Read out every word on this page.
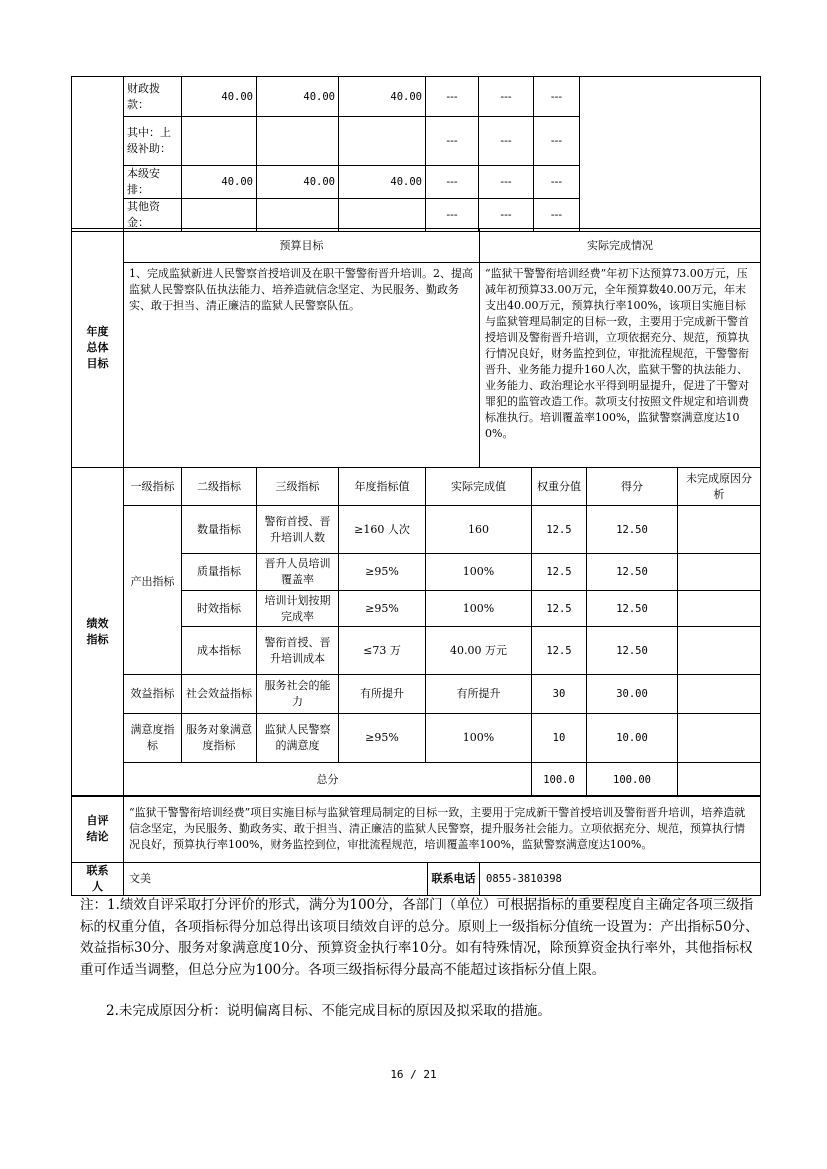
	财政拨款：	40.00	40.00	40.00	---	---	---	
	其中：上级补助：				---	---	---	
	本级安排：	40.00	40.00	40.00	---	---	---	
	其他资金：				---	---	---	
年度总体目标	预算目标	实际完成情况
	1、完成监狱新进人民警察首授培训及在职干警警衔晋升培训。2、提高监狱人民警察队伍执法能力、培养造就信念坚定、为民服务、勤政务实、敢于担当、清正廉洁的监狱人民警察队伍。	“监狱干警警衔培训经费”年初下达预算73.00万元，压减年初预算33.00万元，全年预算数40.00万元，年末支出40.00万元，预算执行率100%，该项目实施目标与监狱管理局制定的目标一致，主要用于完成新干警首授培训及警衔晋升培训，立项依据充分、规范，预算执行情况良好，财务监控到位，审批流程规范，干警警衔晋升、业务能力提升160人次，监狱干警的执法能力、业务能力、政治理论水平得到明显提升，促进了干警对罪犯的监管改造工作。款项支付按照文件规定和培训费标准执行。培训覆盖率100%，监狱警察满意度达100%。
绩效指标	一级指标	二级指标	三级指标	年度指标值	实际完成值	权重分值	得分	未完成原因分析
	产出指标	数量指标	警衔首授、晋升培训人数	≥160 人次	160	12.5	12.50	
		质量指标	晋升人员培训覆盖率	≥95%	100%	12.5	12.50	
		时效指标	培训计划按期完成率	≥95%	100%	12.5	12.50	
		成本指标	警衔首授、晋升培训成本	≤73 万	40.00 万元	12.5	12.50	
	效益指标	社会效益指标	服务社会的能力	有所提升	有所提升	30	30.00	
	满意度指标	服务对象满意度指标	监狱人民警察的满意度	≥95%	100%	10	10.00	
	总分					100.0	100.00	
自评结论	“监狱干警警衔培训经费”项目实施目标与监狱管理局制定的目标一致，主要用于完成新干警首授培训及警衔晋升培训，培养造就信念坚定，为民服务、勤政务实、敢于担当、清正廉洁的监狱人民警察，提升服务社会能力。立项依据充分、规范，预算执行情况良好，预算执行率100%，财务监控到位，审批流程规范，培训覆盖率100%，监狱警察满意度达100%。		
联系人	文美	联系电话	0855-3810398
注：1.绩效自评采取打分评价的形式，满分为100分，各部门（单位）可根据指标的重要程度自主确定各项三级指标的权重分值，各项指标得分加总得出该项目绩效自评的总分。原则上一级指标分值统一设置为：产出指标50分、效益指标30分、服务对象满意度10分、预算资金执行率10分。如有特殊情况，除预算资金执行率外，其他指标权重可作适当调整，但总分应为100分。各项三级指标得分最高不能超过该指标分值上限。
2.未完成原因分析：说明偏离目标、不能完成目标的原因及拟采取的措施。
16 / 21
